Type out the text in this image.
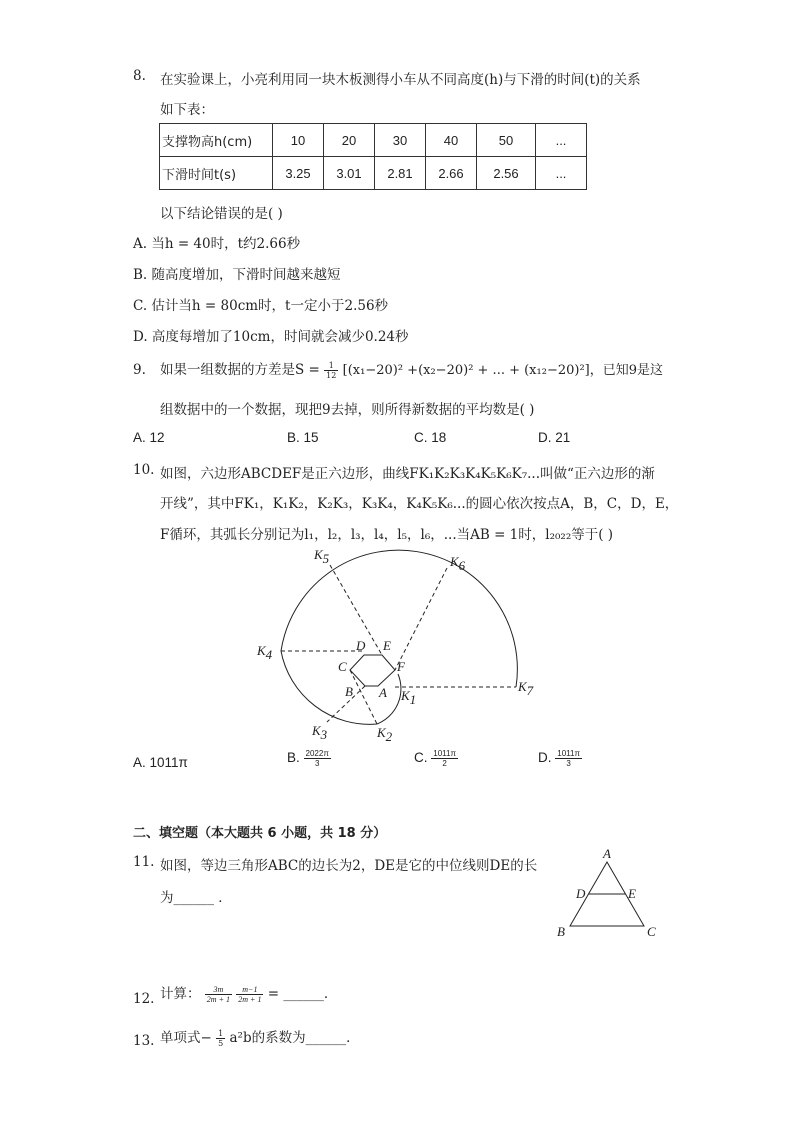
8. 在实验课上，小亮利用同一块木板测得小车从不同高度(h)与下滑的时间(t)的关系
如下表：
支撑物高h(cm)	10	20	30	40	50	...
下滑时间t(s)	3.25	3.01	2.81	2.66	2.56	...
以下结论错误的是( )
A. 当h = 40时，t约2.66秒
B. 随高度增加，下滑时间越来越短
C. 估计当h = 80cm时，t一定小于2.56秒
D. 高度每增加了10cm，时间就会减少0.24秒
9. 如果一组数据的方差是$S = \frac{1}{12} [(x_1-20)^2 +(x_2-20)^2$ + ... + (x₁₂−20)²]，已知9是这
组数据中的一个数据，现把9去掉，则所得新数据的平均数是( )
A. 12	B. 15	C. 18	D. 21
10. 如图，六边形ABCDEF是正六边形，曲线FK₁K₂K₃K₄K₅K₆K₇...叫做“正六边形的渐
开线”，其中FK₁，K₁K₂，K₂K₃，K₃K₄，K₄K₅K₆...的圆心依次按点A，B，C，D，E，
F循环，其弧长分别记为l₁，l₂，l₃，l₄，l₅，l₆，...当AB = 1时，l₂₀₂₂等于( )
K5	K6
K4
K7
K1
K2
K3
D E
C	F
B A
A. 1011π	B. $\frac{2022\pi}{3}$	C. $\frac{1011\pi}{2}$	D. $\frac{1011\pi}{3}$
二、填空题（本大题共 6 小题，共 18 分）
11. 如图，等边三角形ABC的边长为2，DE是它的中位线则DE的长
为______ ．
A
D	E
B	C
12. 计算： $\frac{3m}{2m + 1}$
$\frac{m-1}{2m + 1}$ = ______．
13. 单项式− $\frac{1}{5} a^2b$的系数为______．
